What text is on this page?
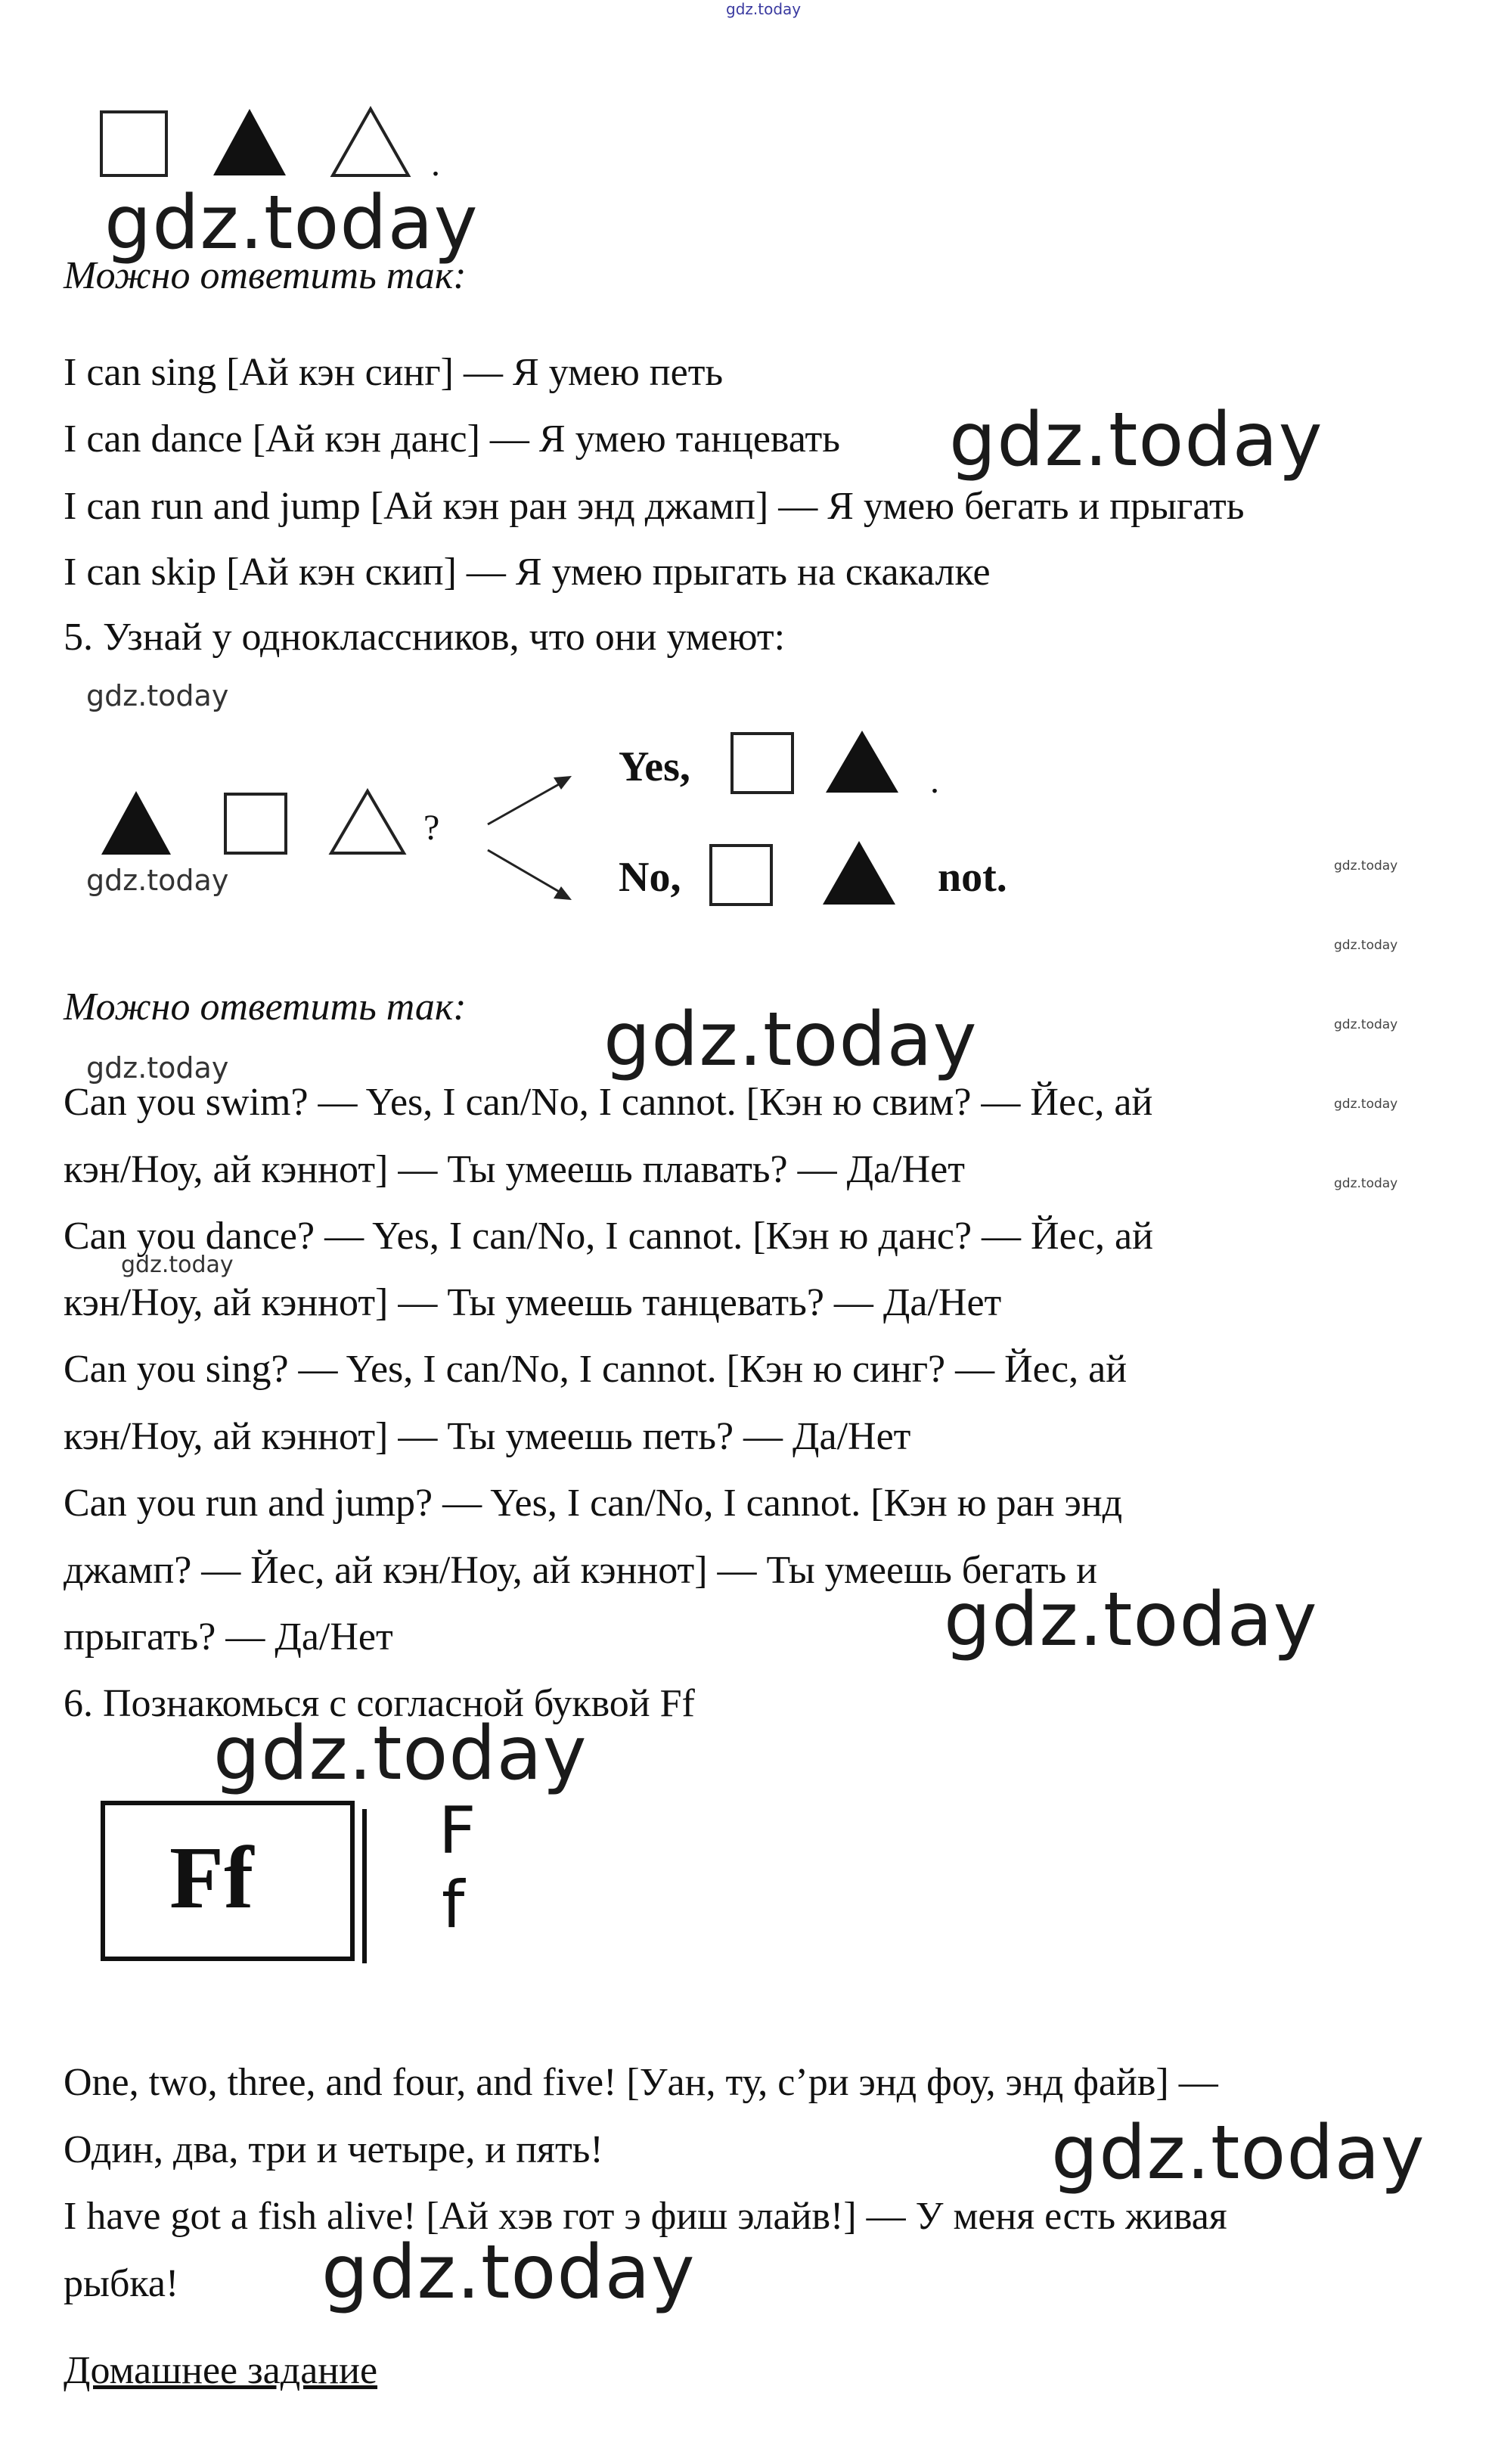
gdz.today
.
gdz.today
Можно ответить так:
I can sing [Ай кэн синг] — Я умею петь
I can dance [Ай кэн данс] — Я умею танцевать
I can run and jump [Ай кэн ран энд джамп] — Я умею бегать и прыгать
I can skip [Ай кэн скип] — Я умею прыгать на скакалке
gdz.today
5. Узнай у одноклассников, что они умеют:
gdz.today
gdz.today	gdz.today
gdz.today
gdz.today
gdz.today
gdz.today
?
Yes,	.
No,	not.
Можно ответить так: gdz.today
gdz.today
Can you swim? — Yes, I can/No, I cannot. [Кэн ю свим? — Йес, ай
кэн/Ноу, ай кэннот] — Ты умеешь плавать? — Да/Нет
Can you dance? — Yes, I can/No, I cannot. [Кэн ю данс? — Йес, ай
gdz.today
кэн/Ноу, ай кэннот] — Ты умеешь танцевать? — Да/Нет
Can you sing? — Yes, I can/No, I cannot. [Кэн ю синг? — Йес, ай
кэн/Ноу, ай кэннот] — Ты умеешь петь? — Да/Нет
Can you run and jump? — Yes, I can/No, I cannot. [Кэн ю ран энд
джамп? — Йес, ай кэн/Ноу, ай кэннот] — Ты умеешь бегать и
прыгать? — Да/Нет	gdz.today
6. Познакомься с согласной буквой Ff
gdz.today
Ff	F
f
One, two, three, and four, and five! [Уан, ту, с’ри энд фоу, энд файв] —
Один, два, три и четыре, и пять!	gdz.today
I have got a fish alive! [Ай хэв гот э фиш элайв!] — У меня есть живая
рыбка! gdz.today
Домашнее задание
